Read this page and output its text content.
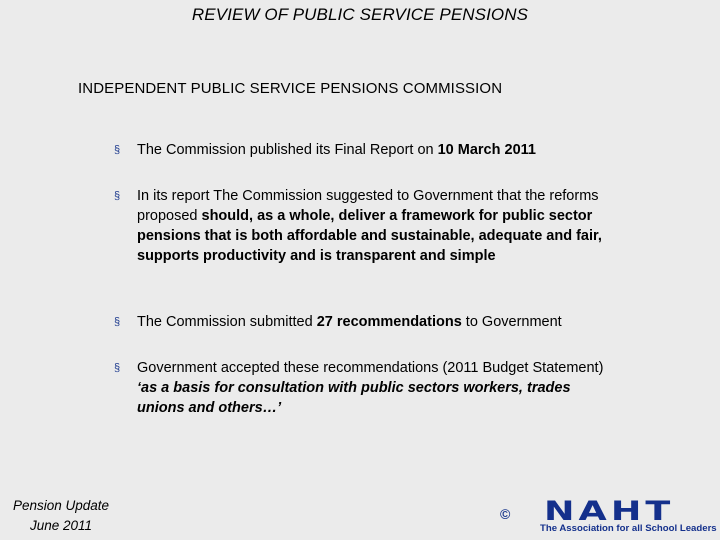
REVIEW OF PUBLIC SERVICE PENSIONS
INDEPENDENT PUBLIC SERVICE PENSIONS COMMISSION
§ The Commission published its Final Report on 10 March 2011
§ In its report The Commission suggested to Government that the reforms proposed should, as a whole, deliver a framework for public sector pensions that is both affordable and sustainable, adequate and fair, supports productivity and is transparent and simple
§ The Commission submitted 27 recommendations to Government
§ Government accepted these recommendations (2011 Budget Statement) ‘as a basis for consultation with public sectors workers, trades unions and others…’
Pension Update
June 2011
© NAHT
The Association for all School Leaders
